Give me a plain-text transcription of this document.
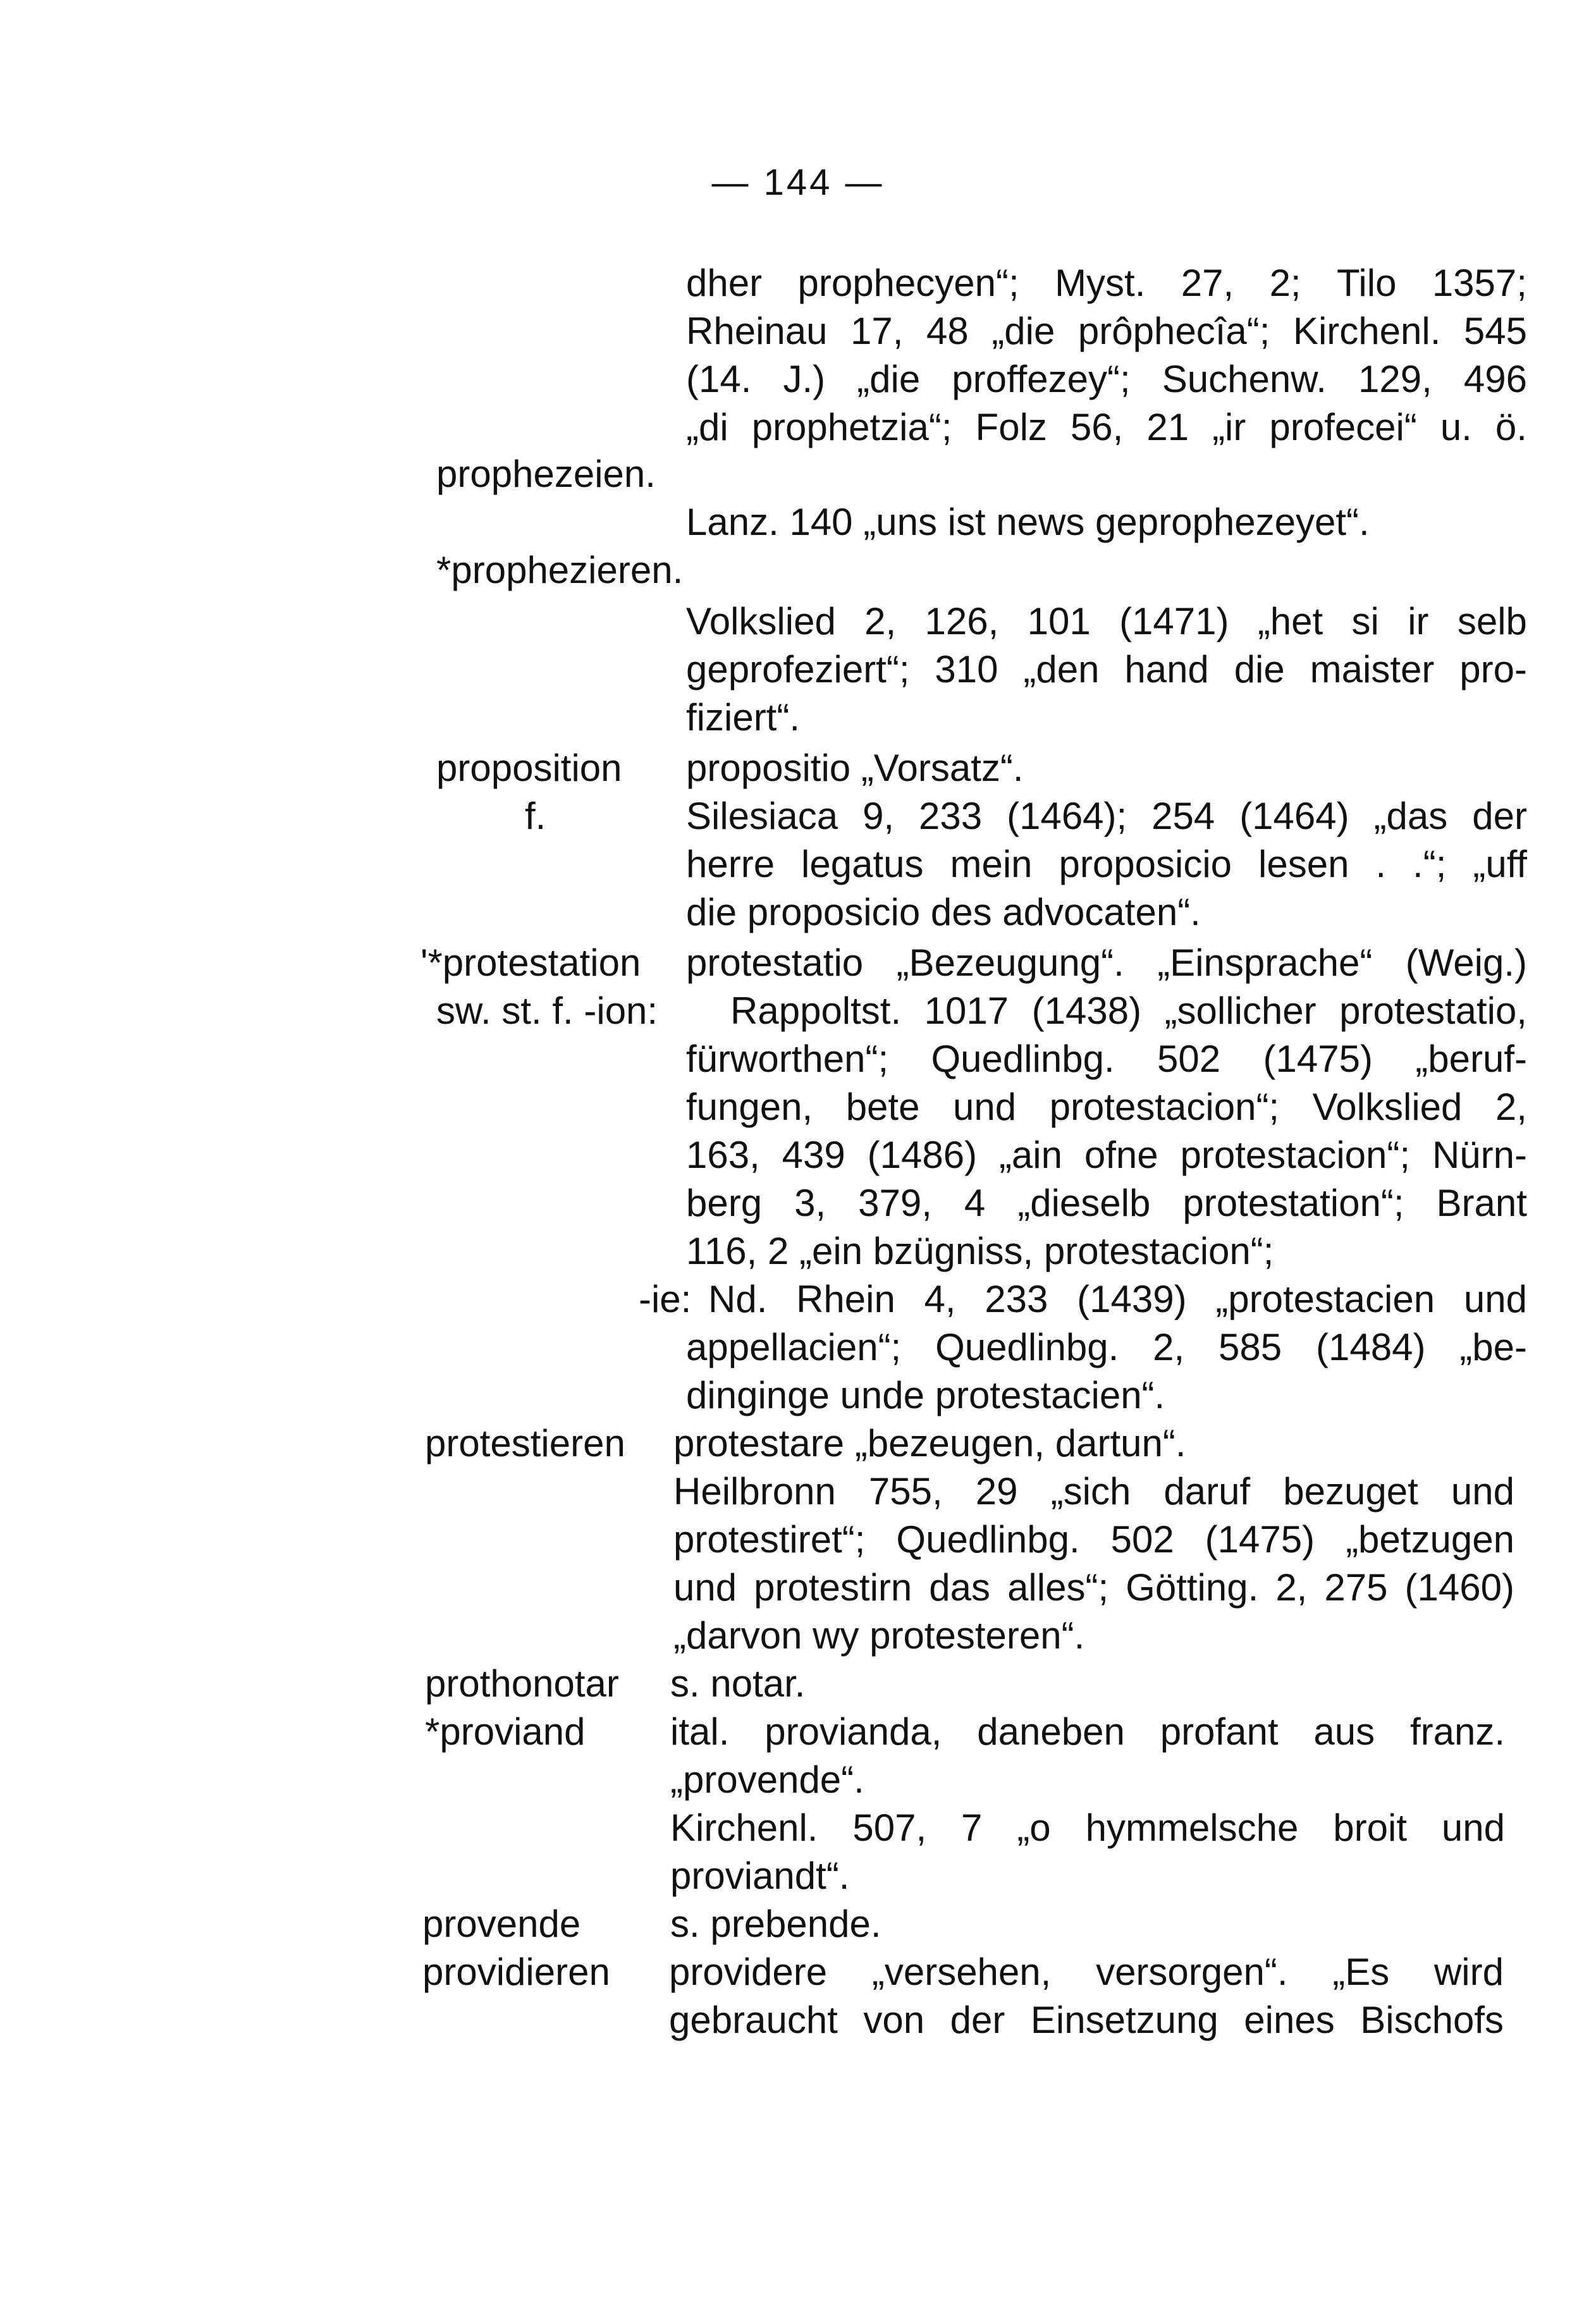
— 144 —
dher prophecyen“; Myst. 27, 2; Tilo 1357;
Rheinau 17, 48 „die prôphecîa“; Kirchenl. 545
(14. J.) „die proffezey“; Suchenw. 129, 496
„di prophetzia“; Folz 56, 21 „ir profecei“ u. ö.
prophezeien.
Lanz. 140 „uns ist news geprophezeyet“.
*prophezieren.
Volkslied 2, 126, 101 (1471) „het si ir selb
geprofeziert“; 310 „den hand die maister pro-
fiziert“.
proposition propositio „Vorsatz“.
f.	Silesiaca 9, 233 (1464); 254 (1464) „das der
herre legatus mein proposicio lesen . .“; „uff
die proposicio des advocaten“.
'*protestation protestatio „Bezeugung“. „Einsprache“ (Weig.)
sw. st. f. -ion: Rappoltst. 1017 (1438) „sollicher protestatio,
fürworthen“; Quedlinbg. 502 (1475) „beruf-
fungen, bete und protestacion“; Volkslied 2,
163, 439 (1486) „ain ofne protestacion“; Nürn-
berg 3, 379, 4 „dieselb protestation“; Brant
116, 2 „ein bzügniss, protestacion“;
-ie: Nd. Rhein 4, 233 (1439) „protestacien und
appellacien“; Quedlinbg. 2, 585 (1484) „be-
dinginge unde protestacien“.
protestieren protestare „bezeugen, dartun“.
Heilbronn 755, 29 „sich daruf bezuget und
protestiret“; Quedlinbg. 502 (1475) „betzugen
und protestirn das alles“; Götting. 2, 275 (1460)
„darvon wy protesteren“.
prothonotar s. notar.
*proviand ital. provianda, daneben profant aus franz.
„provende“.
Kirchenl. 507, 7 „o hymmelsche broit und
proviandt“.
provende s. prebende.
providieren providere „versehen, versorgen“. „Es wird
gebraucht von der Einsetzung eines Bischofs
